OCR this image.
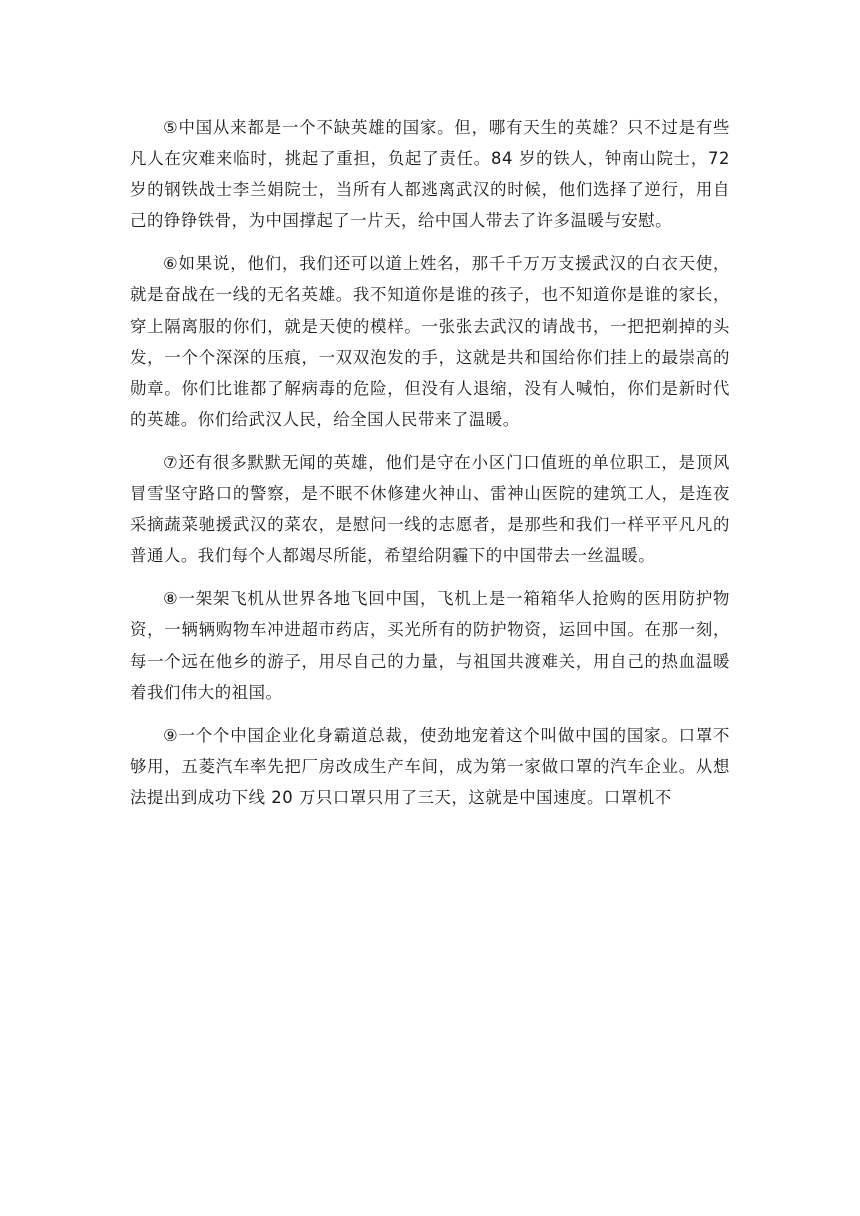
⑤中国从来都是一个不缺英雄的国家。但，哪有天生的英雄？只不过是有些凡人在灾难来临时，挑起了重担，负起了责任。84 岁的铁人，钟南山院士，72 岁的钢铁战士李兰娟院士，当所有人都逃离武汉的时候，他们选择了逆行，用自己的铮铮铁骨，为中国撑起了一片天，给中国人带去了许多温暖与安慰。

⑥如果说，他们，我们还可以道上姓名，那千千万万支援武汉的白衣天使，就是奋战在一线的无名英雄。我不知道你是谁的孩子，也不知道你是谁的家长，穿上隔离服的你们，就是天使的模样。一张张去武汉的请战书，一把把剃掉的头发，一个个深深的压痕，一双双泡发的手，这就是共和国给你们挂上的最崇高的勋章。你们比谁都了解病毒的危险，但没有人退缩，没有人喊怕，你们是新时代的英雄。你们给武汉人民，给全国人民带来了温暖。

⑦还有很多默默无闻的英雄，他们是守在小区门口值班的单位职工，是顶风冒雪坚守路口的警察，是不眠不休修建火神山、雷神山医院的建筑工人，是连夜采摘蔬菜驰援武汉的菜农，是慰问一线的志愿者，是那些和我们一样平平凡凡的普通人。我们每个人都竭尽所能，希望给阴霾下的中国带去一丝温暖。

⑧一架架飞机从世界各地飞回中国，飞机上是一箱箱华人抢购的医用防护物资，一辆辆购物车冲进超市药店，买光所有的防护物资，运回中国。在那一刻，每一个远在他乡的游子，用尽自己的力量，与祖国共渡难关，用自己的热血温暖着我们伟大的祖国。

⑨一个个中国企业化身霸道总裁，使劲地宠着这个叫做中国的国家。口罩不够用，五菱汽车率先把厂房改成生产车间，成为第一家做口罩的汽车企业。从想法提出到成功下线 20 万只口罩只用了三天，这就是中国速度。口罩机不
